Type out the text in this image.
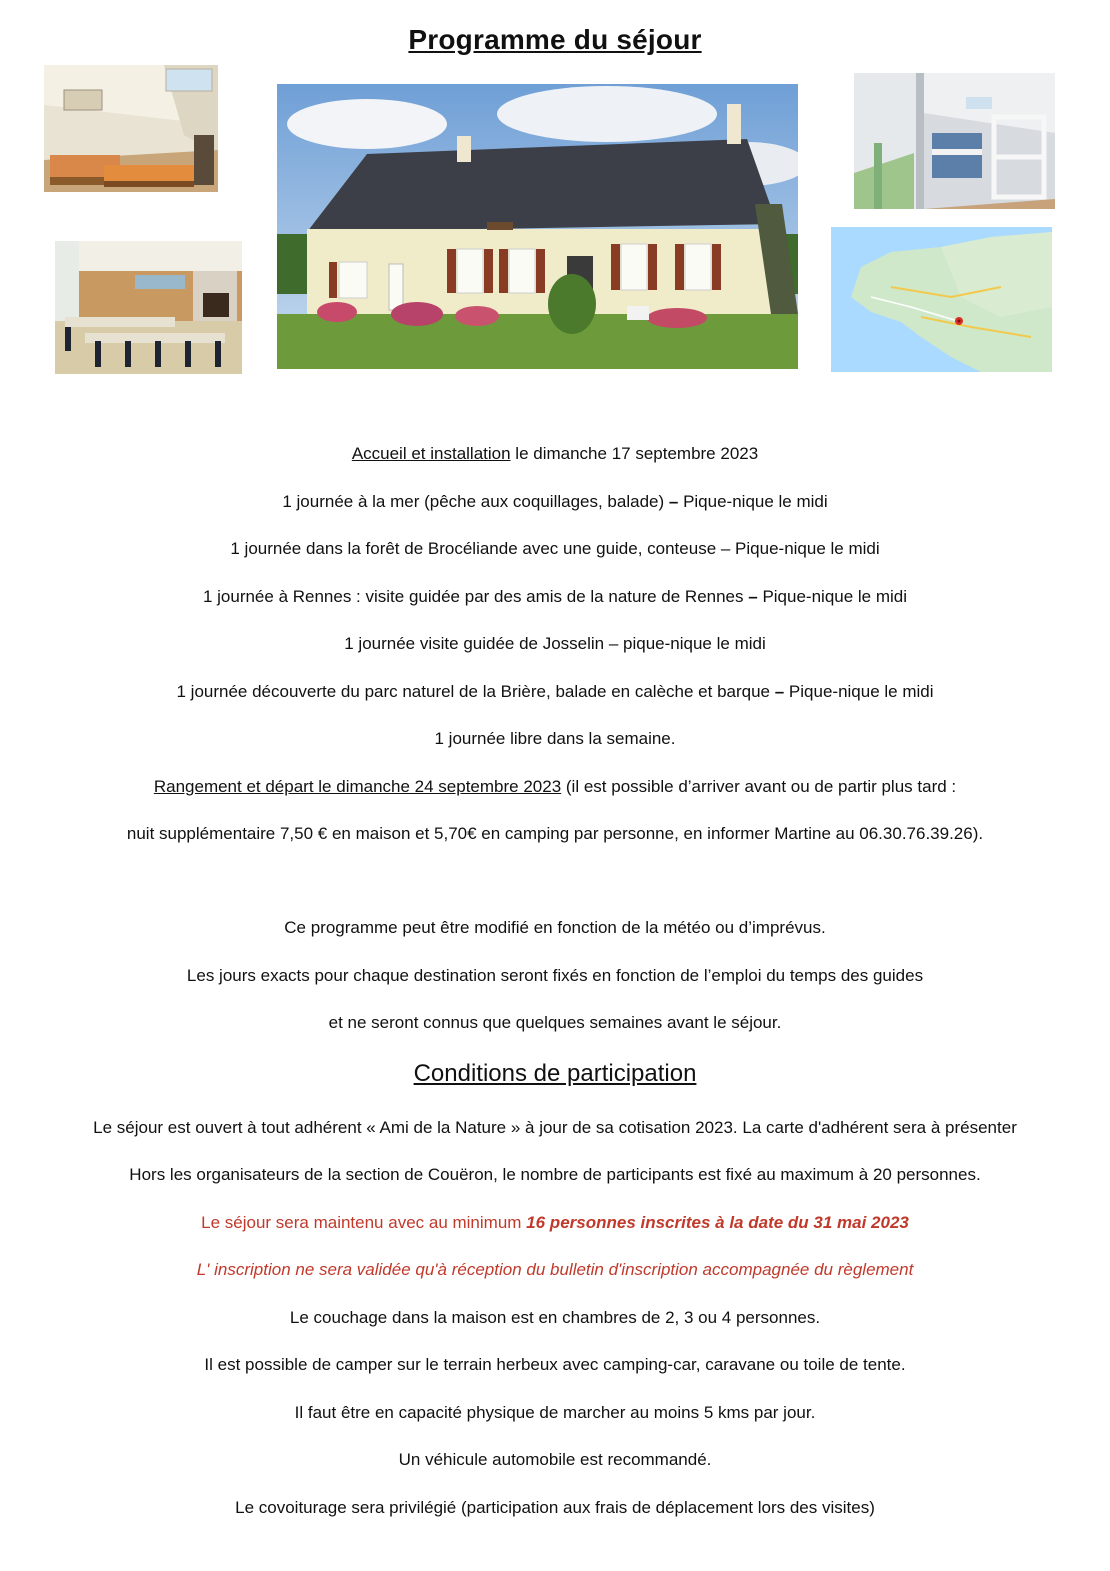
Programme du séjour
Accueil et installation le dimanche 17 septembre 2023
1 journée à la mer (pêche aux coquillages, balade) – Pique-nique le midi
1 journée dans la forêt de Brocéliande avec une guide, conteuse – Pique-nique le midi
1 journée à Rennes : visite guidée par des amis de la nature de Rennes – Pique-nique le midi
1 journée visite guidée de Josselin – pique-nique le midi
1 journée découverte du parc naturel de la Brière, balade en calèche et barque – Pique-nique le midi
1 journée libre dans la semaine.
Rangement et départ le dimanche 24 septembre 2023 (il est possible d’arriver avant ou de partir plus tard :
nuit supplémentaire 7,50 € en maison et 5,70€ en camping par personne, en informer Martine au 06.30.76.39.26).
Ce programme peut être modifié en fonction de la météo ou d’imprévus.
Les jours exacts pour chaque destination seront fixés en fonction de l’emploi du temps des guides
et ne seront connus que quelques semaines avant le séjour.
Conditions de participation
Le séjour est ouvert à tout adhérent « Ami de la Nature » à jour de sa cotisation 2023. La carte d'adhérent sera à présenter
Hors les organisateurs de la section de Couëron, le nombre de participants est fixé au maximum à 20 personnes.
Le séjour sera maintenu avec au minimum 16 personnes inscrites à la date du 31 mai 2023
L' inscription ne sera validée qu'à réception du bulletin d'inscription accompagnée du règlement
Le couchage dans la maison est en chambres de 2, 3 ou 4 personnes.
Il est possible de camper sur le terrain herbeux avec camping-car, caravane ou toile de tente.
Il faut être en capacité physique de marcher au moins 5 kms par jour.
Un véhicule automobile est recommandé.
Le covoiturage sera privilégié (participation aux frais de déplacement lors des visites)
